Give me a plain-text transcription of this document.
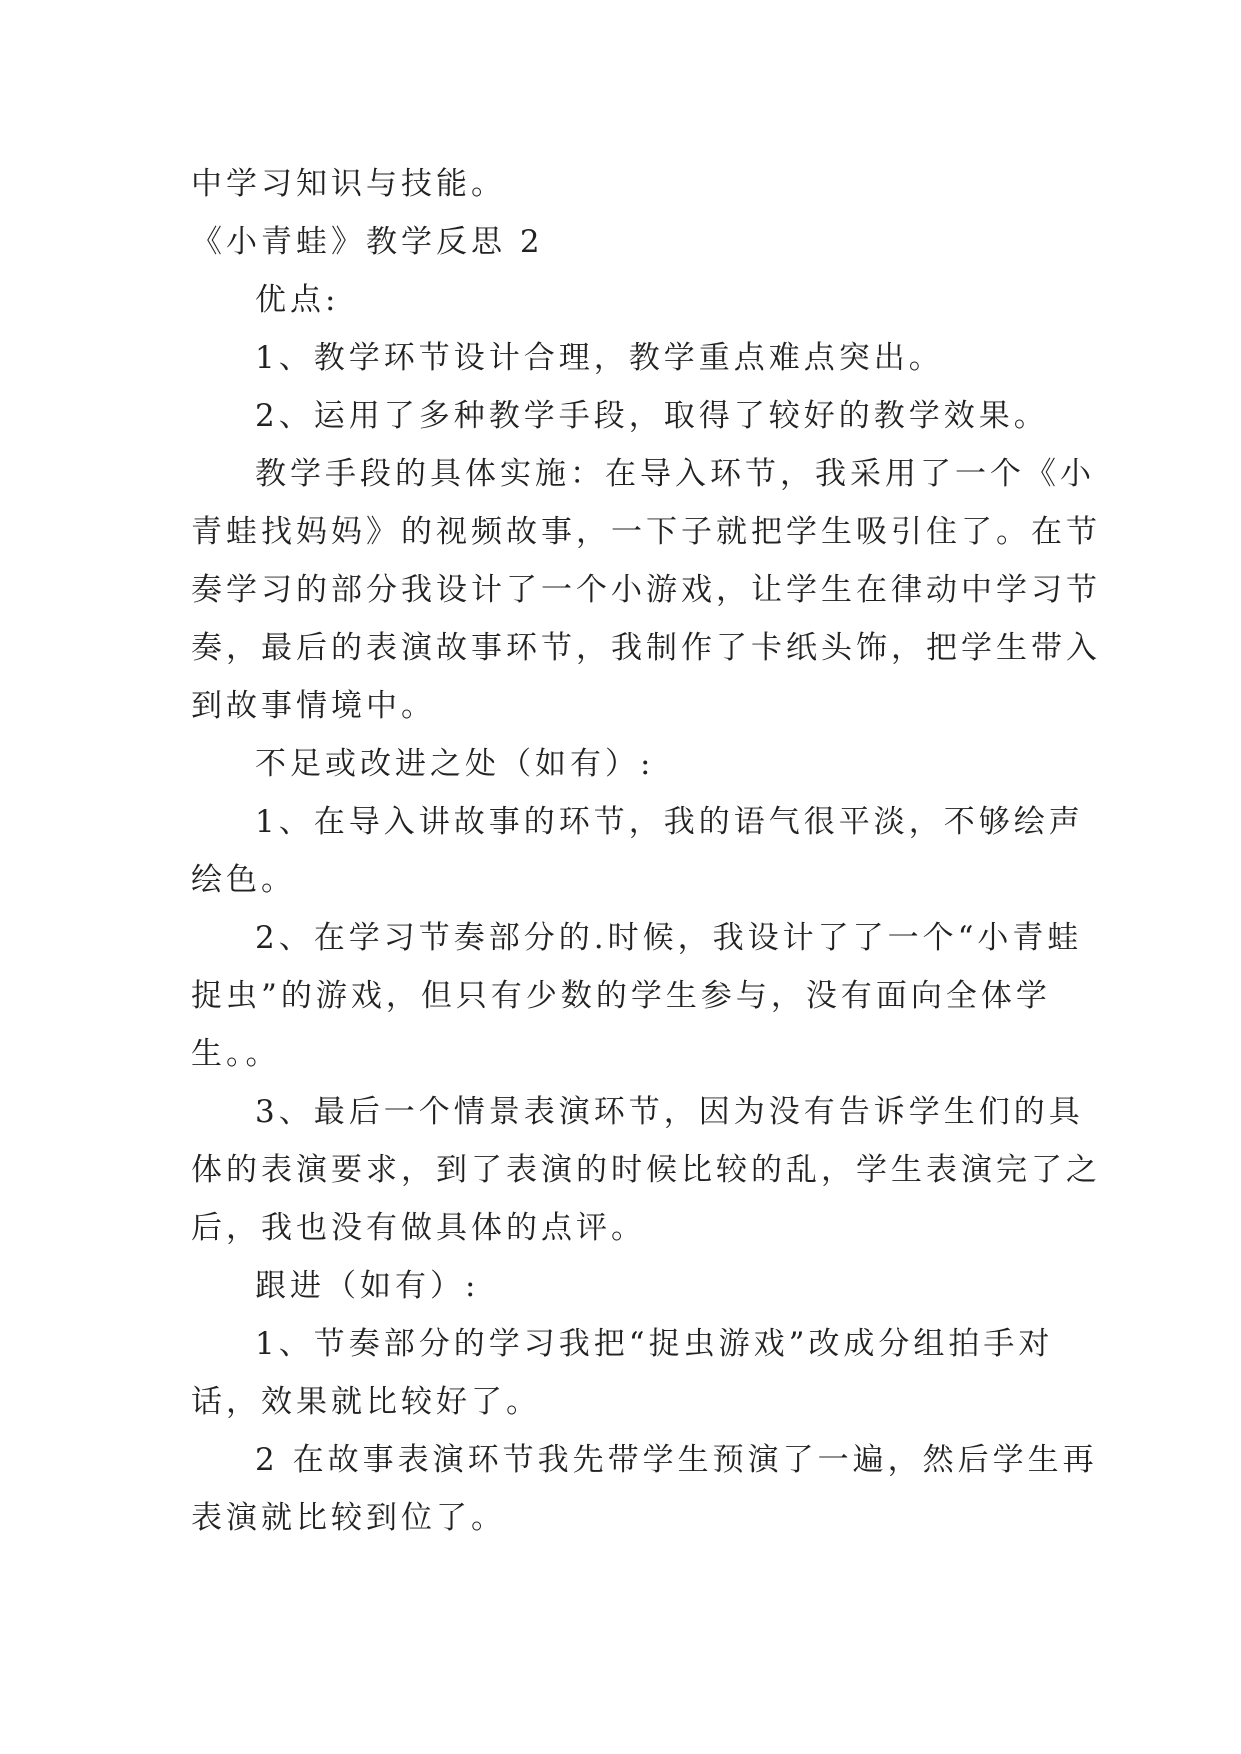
中学习知识与技能。
《小青蛙》教学反思 2
优点:
1、教学环节设计合理，教学重点难点突出。
2、运用了多种教学手段，取得了较好的教学效果。
教学手段的具体实施：在导入环节，我采用了一个《小
青蛙找妈妈》的视频故事，一下子就把学生吸引住了。在节
奏学习的部分我设计了一个小游戏，让学生在律动中学习节
奏，最后的表演故事环节，我制作了卡纸头饰，把学生带入
到故事情境中。
不足或改进之处（如有）:
1、在导入讲故事的环节，我的语气很平淡，不够绘声
绘色。
2、在学习节奏部分的.时候，我设计了了一个“小青蛙
捉虫”的游戏，但只有少数的学生参与，没有面向全体学
生。。
3、最后一个情景表演环节，因为没有告诉学生们的具
体的表演要求，到了表演的时候比较的乱，学生表演完了之
后，我也没有做具体的点评。
跟进（如有）:
1、节奏部分的学习我把“捉虫游戏”改成分组拍手对
话，效果就比较好了。
2 在故事表演环节我先带学生预演了一遍，然后学生再
表演就比较到位了。
